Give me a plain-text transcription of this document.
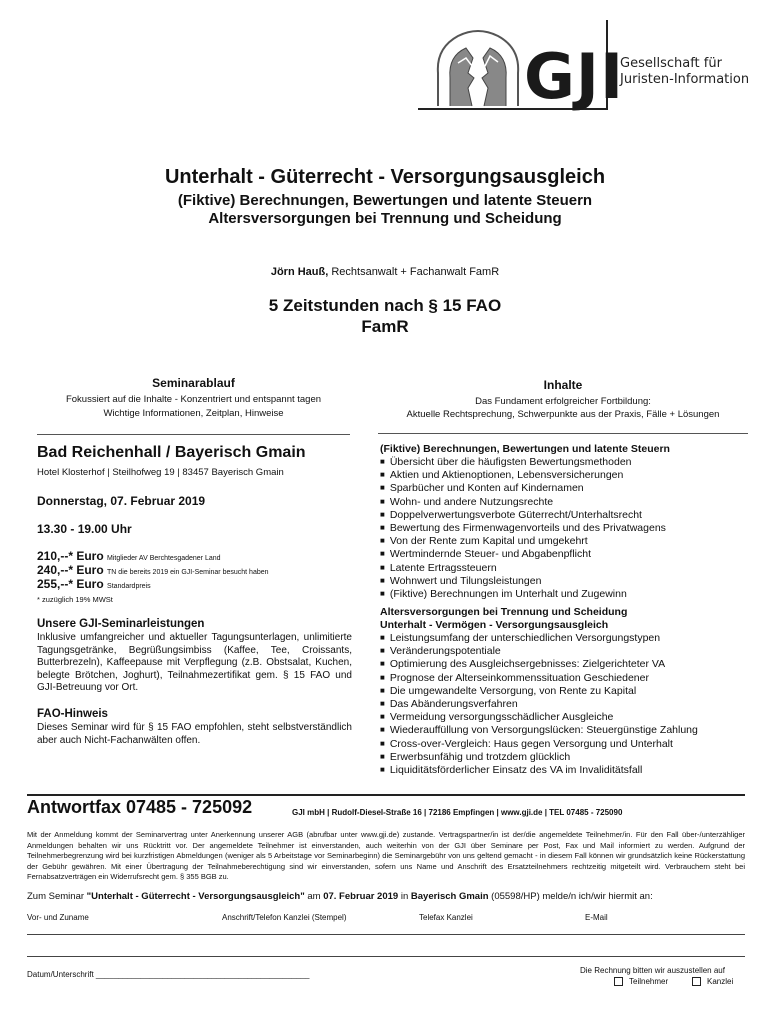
GJI
Gesellschaft für
Juristen-Information
Unterhalt - Güterrecht - Versorgungsausgleich
(Fiktive) Berechnungen, Bewertungen und latente Steuern
Altersversorgungen bei Trennung und Scheidung
Jörn Hauß, Rechtsanwalt + Fachanwalt FamR
5 Zeitstunden nach § 15 FAO
FamR
Seminarablauf
Fokussiert auf die Inhalte - Konzentriert und entspannt tagen
Wichtige Informationen, Zeitplan, Hinweise
Inhalte
Das Fundament erfolgreicher Fortbildung:
Aktuelle Rechtsprechung, Schwerpunkte aus der Praxis, Fälle + Lösungen
Bad Reichenhall / Bayerisch Gmain
Hotel Klosterhof | Steilhofweg 19 | 83457 Bayerisch Gmain
Donnerstag, 07. Februar 2019
13.30 - 19.00 Uhr
210,--* Euro Mitglieder AV Berchtesgadener Land
240,--* Euro TN die bereits 2019 ein GJI-Seminar besucht haben
255,--* Euro Standardpreis
* zuzüglich 19% MWSt
Unsere GJI-Seminarleistungen
Inklusive umfangreicher und aktueller Tagungsunterlagen, unlimitierte Tagungsgetränke, Begrüßungsimbiss (Kaffee, Tee, Croissants, Butterbrezeln), Kaffeepause mit Verpflegung (z.B. Obstsalat, Kuchen, belegte Brötchen, Joghurt), Teilnahmezertifikat gem. § 15 FAO und GJI-Betreuung vor Ort.
FAO-Hinweis
Dieses Seminar wird für § 15 FAO empfohlen, steht selbstverständlich aber auch Nicht-Fachanwälten offen.
(Fiktive) Berechnungen, Bewertungen und latente Steuern
■ Übersicht über die häufigsten Bewertungsmethoden
■ Aktien und Aktienoptionen, Lebensversicherungen
■ Sparbücher und Konten auf Kindernamen
■ Wohn- und andere Nutzungsrechte
■ Doppelverwertungsverbote Güterrecht/Unterhaltsrecht
■ Bewertung des Firmenwagenvorteils und des Privatwagens
■ Von der Rente zum Kapital und umgekehrt
■ Wertmindernde Steuer- und Abgabenpflicht
■ Latente Ertragssteuern
■ Wohnwert und Tilungsleistungen
■ (Fiktive) Berechnungen im Unterhalt und Zugewinn
Altersversorgungen bei Trennung und Scheidung
Unterhalt - Vermögen - Versorgungsausgleich
■ Leistungsumfang der unterschiedlichen Versorgungstypen
■ Veränderungspotentiale
■ Optimierung des Ausgleichsergebnisses: Zielgerichteter VA
■ Prognose der Alterseinkommenssituation Geschiedener
■ Die umgewandelte Versorgung, von Rente zu Kapital
■ Das Abänderungsverfahren
■ Vermeidung versorgungsschädlicher Ausgleiche
■ Wiederauffüllung von Versorgungslücken: Steuergünstige Zahlung
■ Cross-over-Vergleich: Haus gegen Versorgung und Unterhalt
■ Erwerbsunfähig und trotzdem glücklich
■ Liquiditätsförderlicher Einsatz des VA im Invaliditätsfall
Antwortfax 07485 - 725092	GJI mbH | Rudolf-Diesel-Straße 16 | 72186 Empfingen | www.gji.de | TEL 07485 - 725090
Mit der Anmeldung kommt der Seminarvertrag unter Anerkennung unserer AGB (abrufbar unter www.gji.de) zustande. Vertragspartner/in ist der/die angemeldete Teilnehmer/in. Für den Fall über-/unterzähliger Anmeldungen behalten wir uns Rücktritt vor. Der angemeldete Teilnehmer ist einverstanden, auch weiterhin von der GJI über Seminare per Post, Fax und Mail informiert zu werden. Aufgrund der Teilnehmerbegrenzung wird bei kurzfristigen Abmeldungen (weniger als 5 Arbeitstage vor Seminarbeginn) die Seminargebühr von uns geltend gemacht - in diesem Fall können wir grundsätzlich keine Rückerstattung der Gebühr gewähren. Mit einer Übertragung der Teilnahmeberechtigung sind wir einverstanden, sofern uns Name und Anschrift des Ersatzteilnehmers rechtzeitig mitgeteilt wird. Verbrauchern steht bei Fernabsatzverträgen ein Widerrufsrecht gem. § 355 BGB zu.
Zum Seminar "Unterhalt - Güterrecht - Versorgungsausgleich" am 07. Februar 2019 in Bayerisch Gmain (05598/HP) melde/n ich/wir hiermit an:
Vor- und Zuname	Anschrift/Telefon Kanzlei (Stempel)	Telefax Kanzlei	E-Mail
Datum/Unterschrift ________________________________________________	Die Rechnung bitten wir auszustellen auf
Teilnehmer	Kanzlei
